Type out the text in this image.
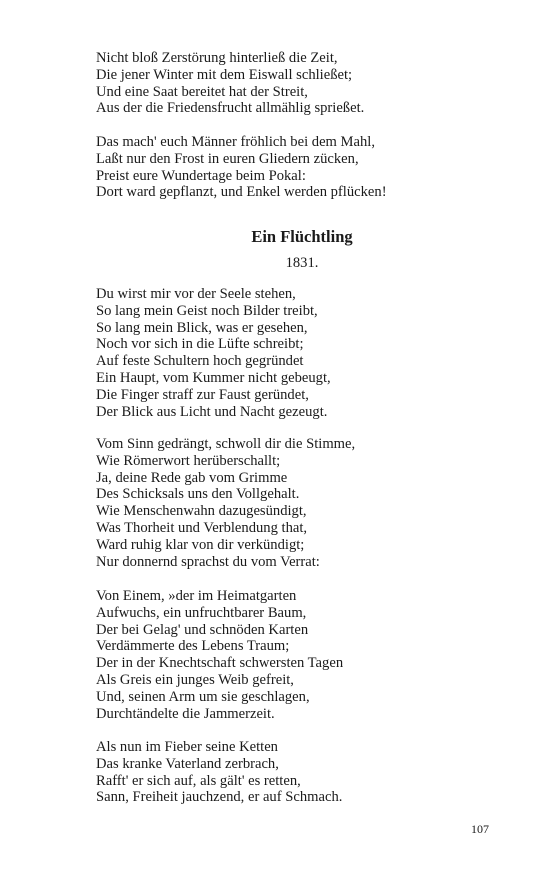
Nicht bloß Zerstörung hinterließ die Zeit,
Die jener Winter mit dem Eiswall schließet;
Und eine Saat bereitet hat der Streit,
Aus der die Friedensfrucht allmählig sprießet.
Das mach' euch Männer fröhlich bei dem Mahl,
Laßt nur den Frost in euren Gliedern zücken,
Preist eure Wundertage beim Pokal:
Dort ward gepflanzt, und Enkel werden pflücken!
Ein Flüchtling
1831.
Du wirst mir vor der Seele stehen,
So lang mein Geist noch Bilder treibt,
So lang mein Blick, was er gesehen,
Noch vor sich in die Lüfte schreibt;
Auf feste Schultern hoch gegründet
Ein Haupt, vom Kummer nicht gebeugt,
Die Finger straff zur Faust geründet,
Der Blick aus Licht und Nacht gezeugt.
Vom Sinn gedrängt, schwoll dir die Stimme,
Wie Römerwort herüberschallt;
Ja, deine Rede gab vom Grimme
Des Schicksals uns den Vollgehalt.
Wie Menschenwahn dazugesündigt,
Was Thorheit und Verblendung that,
Ward ruhig klar von dir verkündigt;
Nur donnernd sprachst du vom Verrat:
Von Einem, »der im Heimatgarten
Aufwuchs, ein unfruchtbarer Baum,
Der bei Gelag' und schnöden Karten
Verdämmerte des Lebens Traum;
Der in der Knechtschaft schwersten Tagen
Als Greis ein junges Weib gefreit,
Und, seinen Arm um sie geschlagen,
Durchtändelte die Jammerzeit.
Als nun im Fieber seine Ketten
Das kranke Vaterland zerbrach,
Rafft' er sich auf, als gält' es retten,
Sann, Freiheit jauchzend, er auf Schmach.
107
